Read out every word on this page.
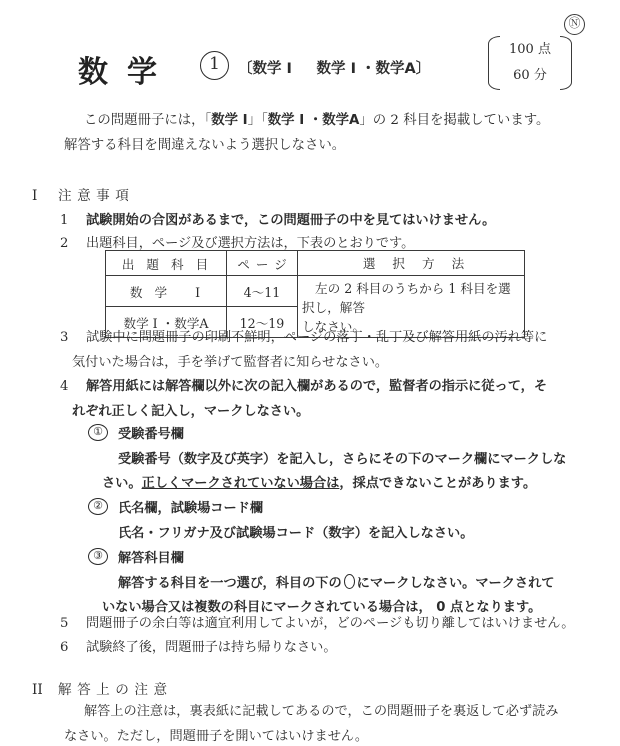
Ⓝ
数学	1	〔数学 I 　 数学 I ・数学A〕
100 点
60 分
この問題冊子には，「数学 I」「数学 I ・数学A」の 2 科目を掲載しています。
解答する科目を間違えないよう選択しなさい。
I 注意事項
1	試験開始の合図があるまで，この問題冊子の中を見てはいけません。
2	出題科目，ページ及び選択方法は，下表のとおりです。
出題科目	ページ	選択方法
数学 I	4〜11	左の 2 科目のうちから 1 科目を選択し，解答
しなさい。

数学 I ・数学A	12〜19	
3	試験中に問題冊子の印刷不鮮明，ページの落丁・乱丁及び解答用紙の汚れ等に
気付いた場合は，手を挙げて監督者に知らせなさい。
4	解答用紙には解答欄以外に次の記入欄があるので，監督者の指示に従って，そ
れぞれ正しく記入し，マークしなさい。
①	受験番号欄
受験番号（数字及び英字）を記入し，さらにその下のマーク欄にマークしな
さい。正しくマークされていない場合は，採点できないことがあります。
②	氏名欄，試験場コード欄
氏名・フリガナ及び試験場コード（数字）を記入しなさい。
③	解答科目欄
解答する科目を一つ選び，科目の下の にマークしなさい。マークされて
いない場合又は複数の科目にマークされている場合は， 0 点となります。
5	問題冊子の余白等は適宜利用してよいが，どのページも切り離してはいけません。
6	試験終了後，問題冊子は持ち帰りなさい。
II 解答上の注意
解答上の注意は，裏表紙に記載してあるので，この問題冊子を裏返して必ず読み
なさい。ただし，問題冊子を開いてはいけません。
